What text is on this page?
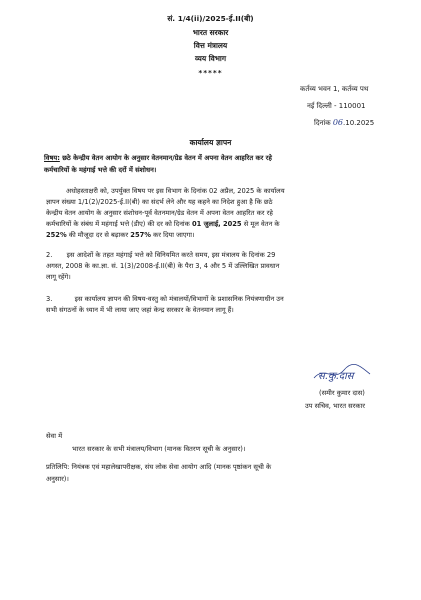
सं. 1/4(ii)/2025-ई.II(बी)
भारत सरकार
वित्त मंत्रालय
व्यय विभाग
*****
कर्तव्य भवन 1, कर्तव्य पथ
नई दिल्ली - 110001
दिनांक 06.10.2025
कार्यालय ज्ञापन
विषय: छठे केन्द्रीय वेतन आयोग के अनुसार वेतनमान/ग्रेड वेतन में अपना वेतन आहरित कर रहे
कर्मचारियों के महंगाई भत्ते की दरों में संशोधन।
अधोहस्ताक्षरी को, उपर्युक्त विषय पर इस विभाग के दिनांक 02 अप्रैल, 2025 के कार्यालय
ज्ञापन संख्या 1/1(2)/2025-ई.II(बी) का संदर्भ लेने और यह कहने का निदेश हुआ है कि छठे
केन्द्रीय वेतन आयोग के अनुसार संशोधन-पूर्व वेतनमान/ग्रेड वेतन में अपना वेतन आहरित कर रहे
कर्मचारियों के संबंध में महंगाई भत्ते (डीए) की दर को दिनांक 01 जुलाई, 2025 से मूल वेतन के
252% की मौजूदा दर से बढ़ाकर 257% कर दिया जाएगा।
2. इस आदेशों के तहत महंगाई भत्ते को विनियमित करते समय, इस मंत्रालय के दिनांक 29
अगस्त, 2008 के का.ज्ञा. सं. 1(3)/2008-ई.II(बी) के पैरा 3, 4 और 5 में उल्लिखित प्रावधान
लागू रहेंगे।
3.	इस कार्यालय ज्ञापन की विषय-वस्तु को मंत्रालयों/विभागों के प्रशासनिक नियंत्रणाधीन उन
सभी संगठनों के ध्यान में भी लाया जाए जहां केन्द्र सरकार के वेतनमान लागू हैं।
स.कु.दास
(समीर कुमार दास)
उप सचिव, भारत सरकार
सेवा में
भारत सरकार के सभी मंत्रालय/विभाग (मानक वितरण सूची के अनुसार)।
प्रतिलिपि: नियंत्रक एवं महालेखापरीक्षक, संघ लोक सेवा आयोग आदि (मानक पृष्ठांकन सूची के
अनुसार)।
